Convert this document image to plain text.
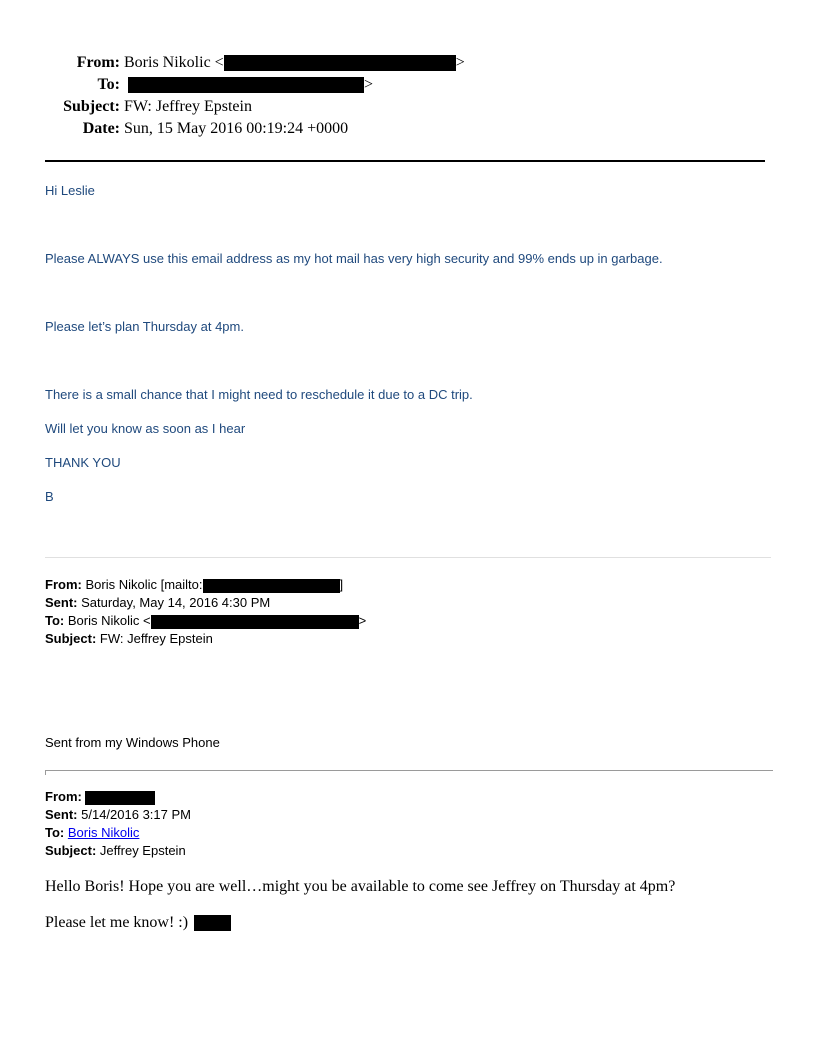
From: Boris Nikolic <	>
To:	>
Subject: FW: Jeffrey Epstein
Date: Sun, 15 May 2016 00:19:24 +0000
Hi Leslie
Please ALWAYS use this email address as my hot mail has very high security and 99% ends up in garbage.
Please let’s plan Thursday at 4pm.
There is a small chance that I might need to reschedule it due to a DC trip.
Will let you know as soon as I hear
THANK YOU
B
From: Boris Nikolic [mailto:	]
Sent: Saturday, May 14, 2016 4:30 PM
To: Boris Nikolic <	>
Subject: FW: Jeffrey Epstein
Sent from my Windows Phone
From:
Sent: 5/14/2016 3:17 PM
To: Boris Nikolic
Subject: Jeffrey Epstein
Hello Boris! Hope you are well…might you be available to come see Jeffrey on Thursday at 4pm?
Please let me know! :)
